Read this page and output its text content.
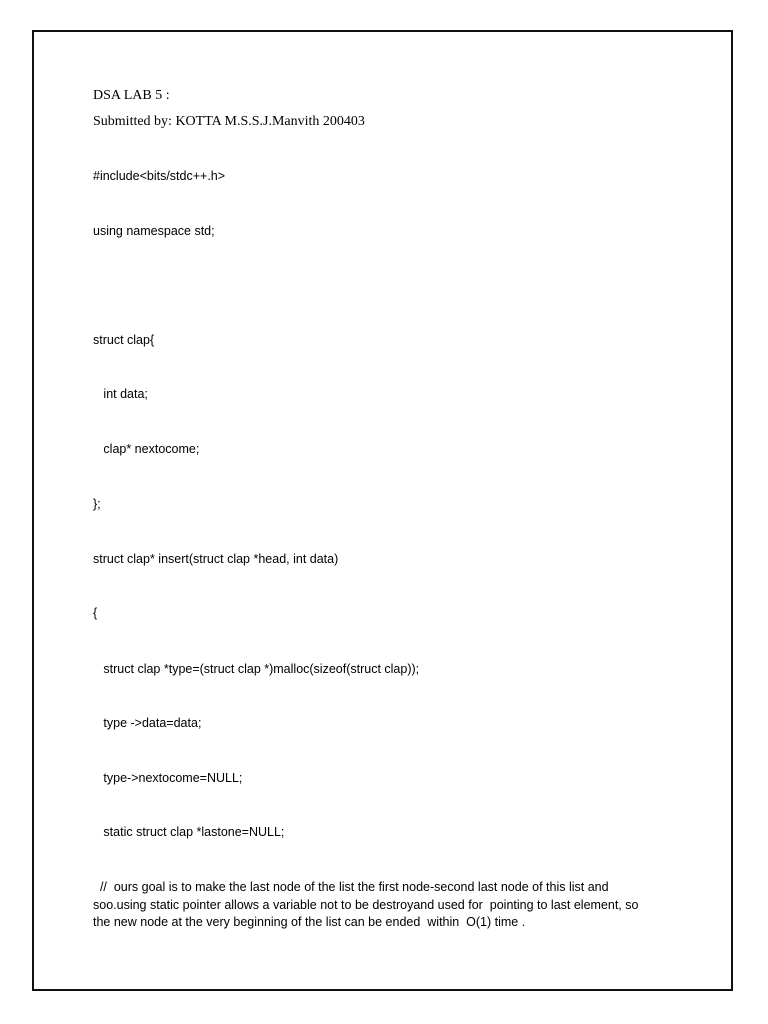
DSA LAB 5 :
Submitted by: KOTTA M.S.S.J.Manvith 200403
#include<bits/stdc++.h>
using namespace std;
struct clap{
int data;
clap* nextocome;
};
struct clap* insert(struct clap *head, int data)
{
struct clap *type=(struct clap *)malloc(sizeof(struct clap));
type ->data=data;
type->nextocome=NULL;
static struct clap *lastone=NULL;
//  ours goal is to make the last node of the list the first node-second last node of this list and
soo.using static pointer allows a variable not to be destroyand used for  pointing to last element, so
the new node at the very beginning of the list can be ended  within  O(1) time .
